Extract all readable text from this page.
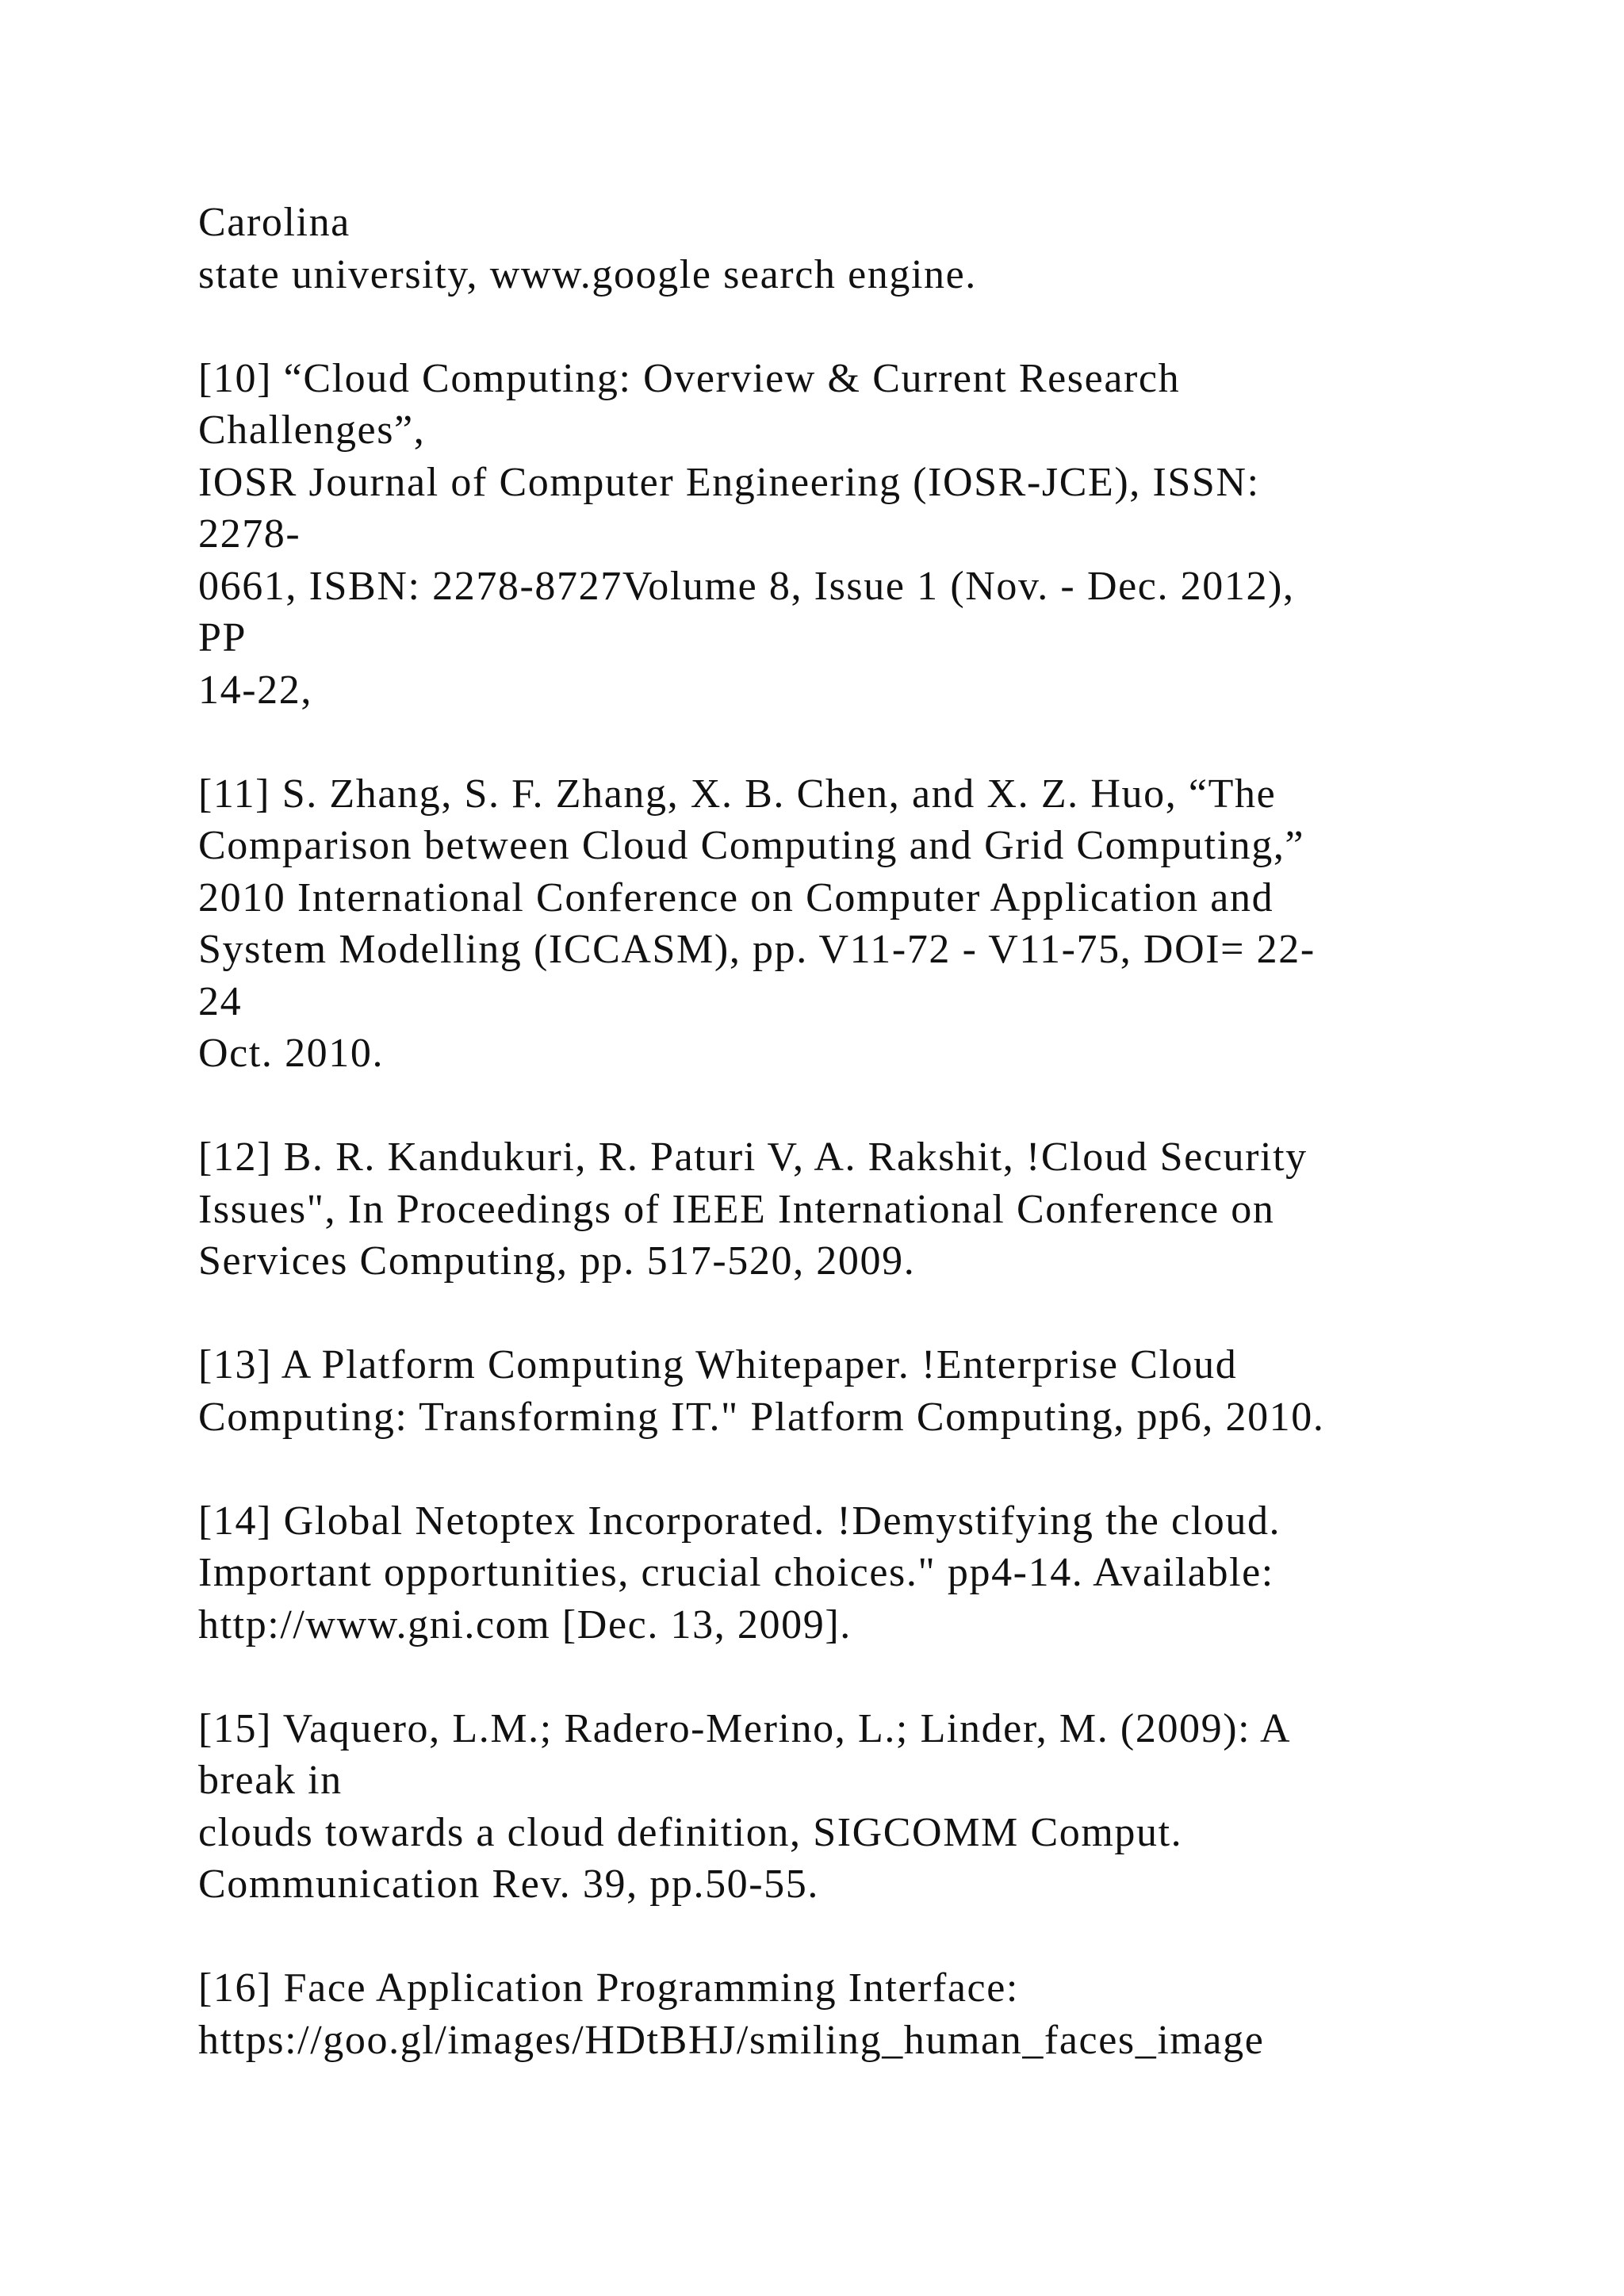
Carolina
state university, www.google search engine.
[10] “Cloud Computing: Overview & Current Research
Challenges”,
IOSR Journal of Computer Engineering (IOSR-JCE), ISSN:
2278-
0661, ISBN: 2278-8727Volume 8, Issue 1 (Nov. - Dec. 2012),
PP
14-22,
[11] S. Zhang, S. F. Zhang, X. B. Chen, and X. Z. Huo, “The
Comparison between Cloud Computing and Grid Computing,”
2010 International Conference on Computer Application and
System Modelling (ICCASM), pp. V11-72 - V11-75, DOI= 22-
24
Oct. 2010.
[12] B. R. Kandukuri, R. Paturi V, A. Rakshit, !Cloud Security
Issues", In Proceedings of IEEE International Conference on
Services Computing, pp. 517-520, 2009.
[13] A Platform Computing Whitepaper. !Enterprise Cloud
Computing: Transforming IT." Platform Computing, pp6, 2010.
[14] Global Netoptex Incorporated. !Demystifying the cloud.
Important opportunities, crucial choices." pp4-14. Available:
http://www.gni.com [Dec. 13, 2009].
[15] Vaquero, L.M.; Radero-Merino, L.; Linder, M. (2009): A
break in
clouds towards a cloud definition, SIGCOMM Comput.
Communication Rev. 39, pp.50-55.
[16] Face Application Programming Interface:
https://goo.gl/images/HDtBHJ/smiling_human_faces_image
